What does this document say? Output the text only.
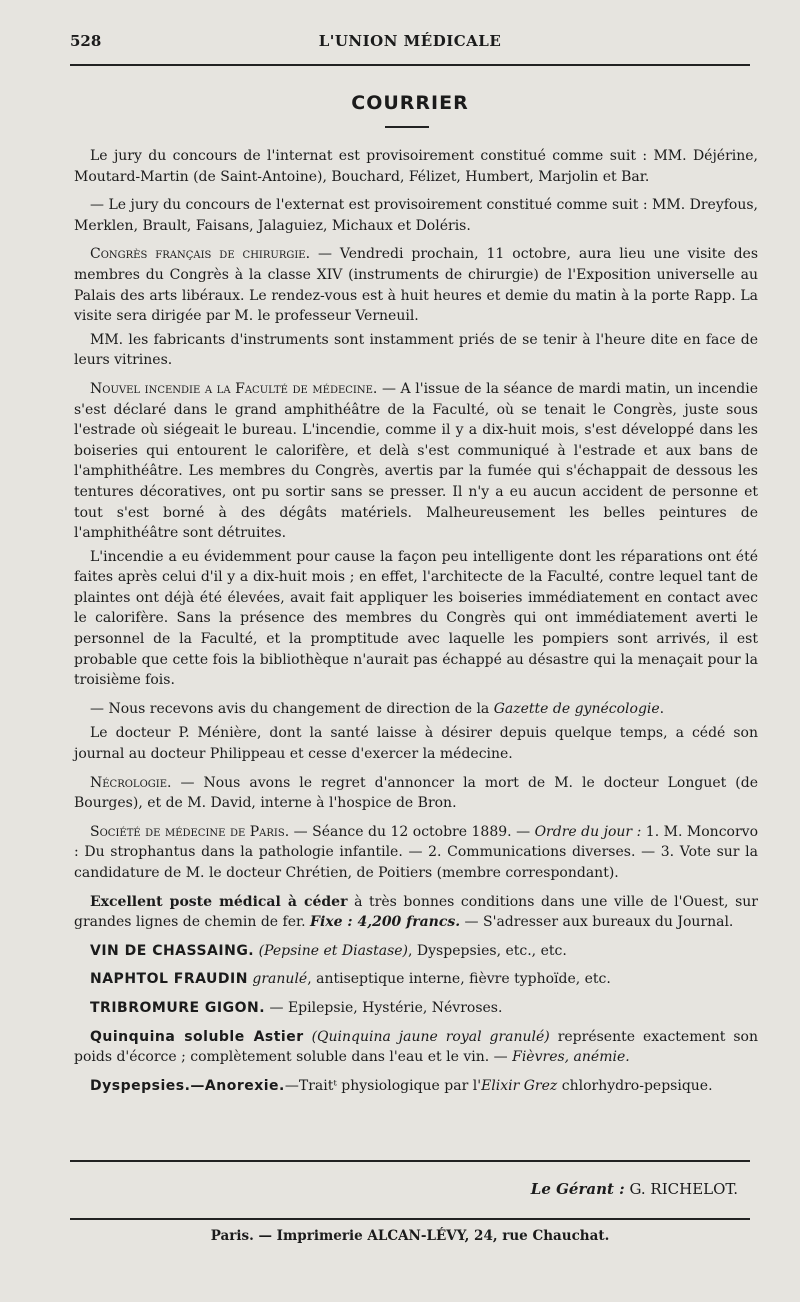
528	L'UNION MÉDICALE
COURRIER

Le jury du concours de l'internat est provisoirement constitué comme suit : MM. Déjérine, Moutard-Martin (de Saint-Antoine), Bouchard, Félizet, Humbert, Marjolin et Bar.

— Le jury du concours de l'externat est provisoirement constitué comme suit : MM. Dreyfous, Merklen, Brault, Faisans, Jalaguiez, Michaux et Doléris.

Congrès français de chirurgie. — Vendredi prochain, 11 octobre, aura lieu une visite des membres du Congrès à la classe XIV (instruments de chirurgie) de l'Exposition universelle au Palais des arts libéraux. Le rendez-vous est à huit heures et demie du matin à la porte Rapp. La visite sera dirigée par M. le professeur Verneuil.

MM. les fabricants d'instruments sont instamment priés de se tenir à l'heure dite en face de leurs vitrines.

Nouvel incendie a la Faculté de médecine. — A l'issue de la séance de mardi matin, un incendie s'est déclaré dans le grand amphithéâtre de la Faculté, où se tenait le Congrès, juste sous l'estrade où siégeait le bureau. L'incendie, comme il y a dix-huit mois, s'est développé dans les boiseries qui entourent le calorifère, et delà s'est communiqué à l'estrade et aux bans de l'amphithéâtre. Les membres du Congrès, avertis par la fumée qui s'échappait de dessous les tentures décoratives, ont pu sortir sans se presser. Il n'y a eu aucun accident de personne et tout s'est borné à des dégâts matériels. Malheureusement les belles peintures de l'amphithéâtre sont détruites.

L'incendie a eu évidemment pour cause la façon peu intelligente dont les réparations ont été faites après celui d'il y a dix-huit mois ; en effet, l'architecte de la Faculté, contre lequel tant de plaintes ont déjà été élevées, avait fait appliquer les boiseries immédiatement en contact avec le calorifère. Sans la présence des membres du Congrès qui ont immédiatement averti le personnel de la Faculté, et la promptitude avec laquelle les pompiers sont arrivés, il est probable que cette fois la bibliothèque n'aurait pas échappé au désastre qui la menaçait pour la troisième fois.

— Nous recevons avis du changement de direction de la Gazette de gynécologie.

Le docteur P. Ménière, dont la santé laisse à désirer depuis quelque temps, a cédé son journal au docteur Philippeau et cesse d'exercer la médecine.

Nécrologie. — Nous avons le regret d'annoncer la mort de M. le docteur Longuet (de Bourges), et de M. David, interne à l'hospice de Bron.

Société de médecine de Paris. — Séance du 12 octobre 1889. — Ordre du jour : 1. M. Moncorvo : Du strophantus dans la pathologie infantile. — 2. Communications diverses. — 3. Vote sur la candidature de M. le docteur Chrétien, de Poitiers (membre correspondant).

Excellent poste médical à céder à très bonnes conditions dans une ville de l'Ouest, sur grandes lignes de chemin de fer. Fixe : 4,200 francs. — S'adresser aux bureaux du Journal.

VIN DE CHASSAING. (Pepsine et Diastase), Dyspepsies, etc., etc.

NAPHTOL FRAUDIN granulé, antiseptique interne, fièvre typhoïde, etc.

TRIBROMURE GIGON. — Epilepsie, Hystérie, Névroses.

Quinquina soluble Astier (Quinquina jaune royal granulé) représente exactement son poids d'écorce ; complètement soluble dans l'eau et le vin. — Fièvres, anémie.

Dyspepsies.—Anorexie.—Traitᵗ physiologique par l'Elixir Grez chlorhydro-pepsique.

Le Gérant : G. RICHELOT.
Paris. — Imprimerie ALCAN-LÉVY, 24, rue Chauchat.
